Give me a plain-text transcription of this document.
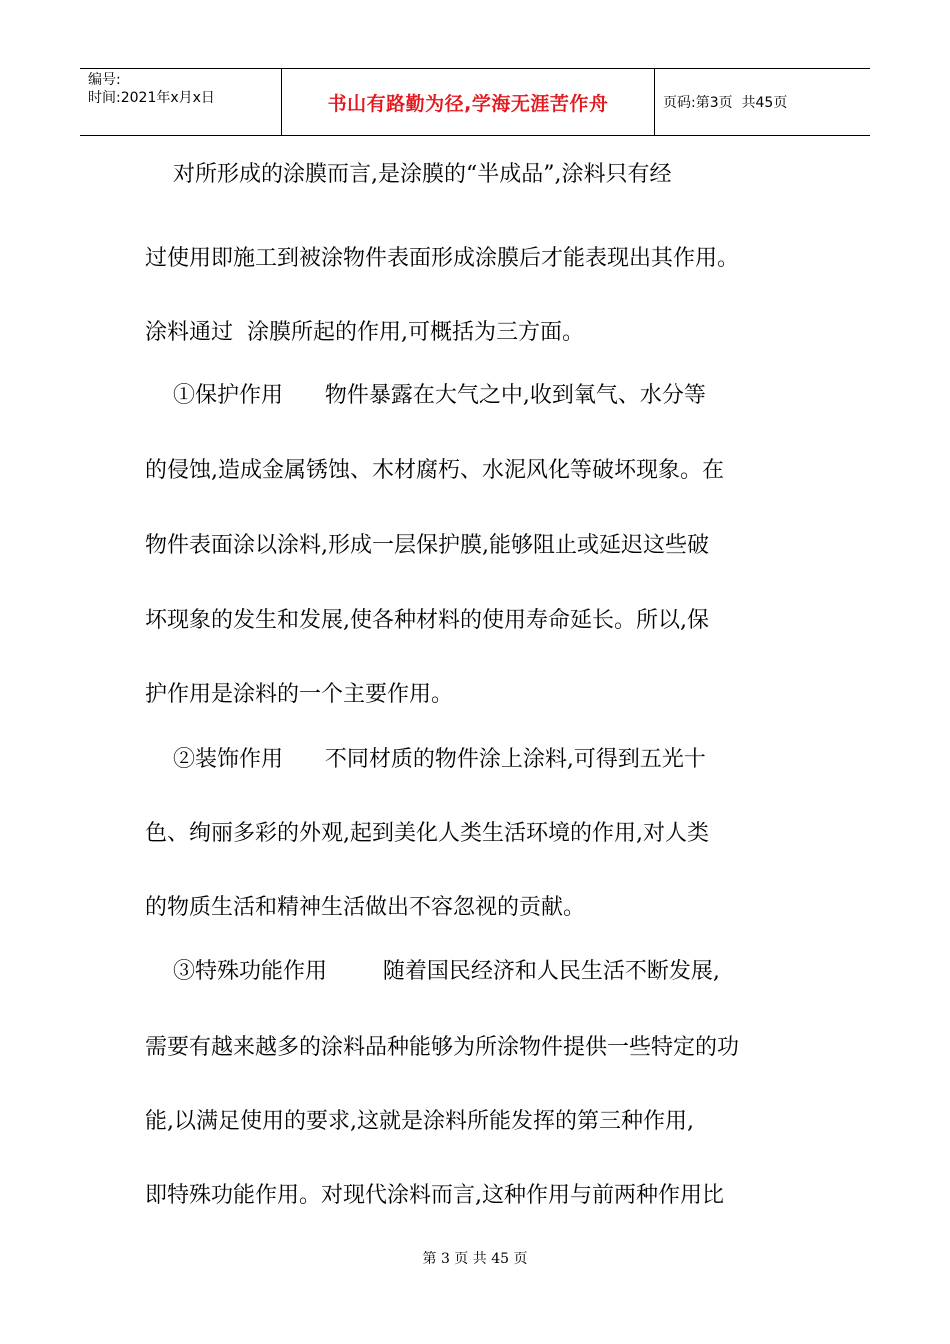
编号:
时间:2021年x月x日	书山有路勤为径,学海无涯苦作舟	页码:第3页  共45页
对所形成的涂膜而言,是涂膜的“半成品”,涂料只有经
过使用即施工到被涂物件表面形成涂膜后才能表现出其作用。
涂料通过  涂膜所起的作用,可概括为三方面。
①保护作用      物件暴露在大气之中,收到氧气、水分等
的侵蚀,造成金属锈蚀、木材腐朽、水泥风化等破坏现象。在
物件表面涂以涂料,形成一层保护膜,能够阻止或延迟这些破
坏现象的发生和发展,使各种材料的使用寿命延长。所以,保
护作用是涂料的一个主要作用。
②装饰作用      不同材质的物件涂上涂料,可得到五光十
色、绚丽多彩的外观,起到美化人类生活环境的作用,对人类
的物质生活和精神生活做出不容忽视的贡献。
③特殊功能作用        随着国民经济和人民生活不断发展,
需要有越来越多的涂料品种能够为所涂物件提供一些特定的功
能,以满足使用的要求,这就是涂料所能发挥的第三种作用,
即特殊功能作用。对现代涂料而言,这种作用与前两种作用比
第 3 页 共 45 页
